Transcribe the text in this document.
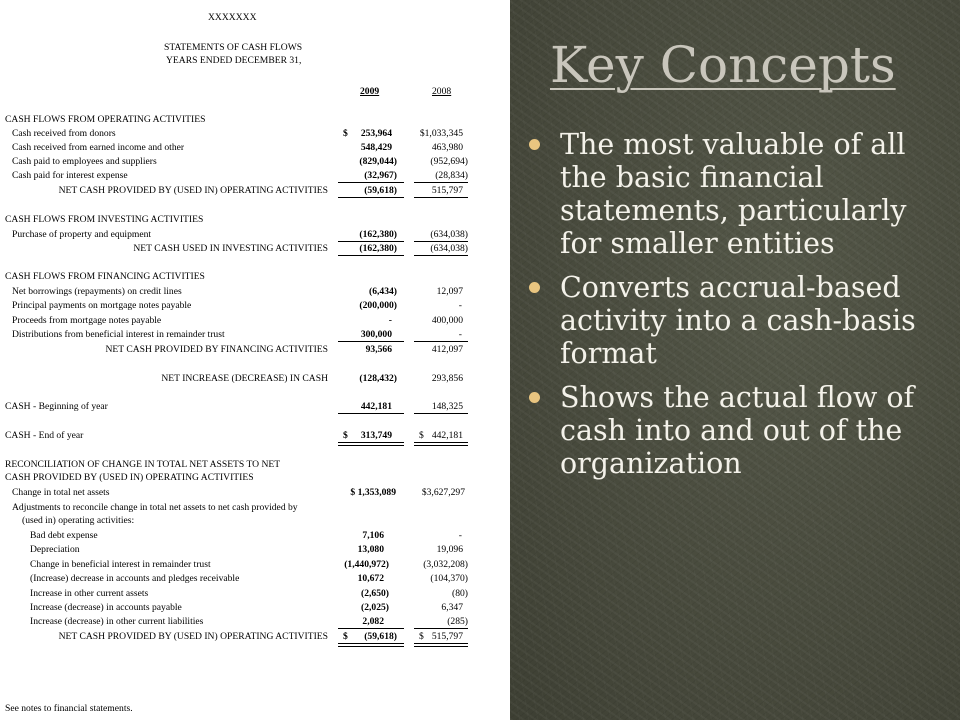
XXXXXXX
STATEMENTS OF CASH FLOWS
YEARS ENDED DECEMBER 31,
2009	2008
CASH FLOWS FROM OPERATING ACTIVITIES
Cash received from donors	$ 253,964	$1,033,345
Cash received from earned income and other	548,429	463,980
Cash paid to employees and suppliers	(829,044)	(952,694)
Cash paid for interest expense	(32,967)	(28,834)
NET CASH PROVIDED BY (USED IN) OPERATING ACTIVITIES	(59,618)	515,797
CASH FLOWS FROM INVESTING ACTIVITIES
Purchase of property and equipment	(162,380)	(634,038)
NET CASH USED IN INVESTING ACTIVITIES	(162,380)	(634,038)
CASH FLOWS FROM FINANCING ACTIVITIES
Net borrowings (repayments) on credit lines	(6,434)	12,097
Principal payments on mortgage notes payable	(200,000)	-
Proceeds from mortgage notes payable	-	400,000
Distributions from beneficial interest in remainder trust	300,000	-
NET CASH PROVIDED BY FINANCING ACTIVITIES	93,566	412,097
NET INCREASE (DECREASE) IN CASH	(128,432)	293,856
CASH - Beginning of year	442,181	148,325
CASH - End of year	$ 313,749	$ 442,181
RECONCILIATION OF CHANGE IN TOTAL NET ASSETS TO NET
CASH PROVIDED BY (USED IN) OPERATING ACTIVITIES
Change in total net assets	$ 1,353,089	$3,627,297
Adjustments to reconcile change in total net assets to net cash provided by
(used in) operating activities:
Bad debt expense	7,106	-
Depreciation	13,080	19,096
Change in beneficial interest in remainder trust	(1,440,972)	(3,032,208)
(Increase) decrease in accounts and pledges receivable	10,672	(104,370)
Increase in other current assets	(2,650)	(80)
Increase (decrease) in accounts payable	(2,025)	6,347
Increase (decrease) in other current liabilities	2,082	(285)
NET CASH PROVIDED BY (USED IN) OPERATING ACTIVITIES $ (59,618) $ 515,797
See notes to financial statements.
Key Concepts
The most valuable of all the basic financial statements, particularly for smaller entities
Converts accrual-based activity into a cash-basis format
Shows the actual flow of cash into and out of the organization
